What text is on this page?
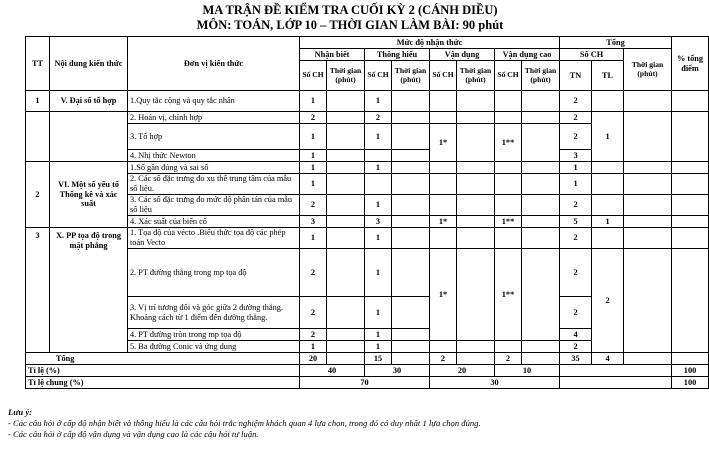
MA TRẬN ĐỀ KIỂM TRA CUỐI KỲ 2 (CÁNH DIỀU)
MÔN: TOÁN, LỚP 10 – THỜI GIAN LÀM BÀI: 90 phút
TT	Nội dung kiến thức	Đơn vị kiến thức	Mức độ nhận thức								Tổng			% tổng điểm
			Nhận biết		Thông hiểu		Vận dụng		Vận dụng cao		Số CH		Thời gian (phút)	
			Số CH	Thời gian (phút)	Số CH	Thời gian (phút)	Số CH	Thời gian (phút)	Số CH	Thời gian (phút)	TN	TL		
1	V. Đại số tổ hợp	1.Quy tắc cộng và quy tắc nhân	1		1						2			
		2. Hoán vị, chỉnh hợp	2		2						2	1		
		3. Tổ hợp	1		1		1*		1**		2			
		4. Nhị thức Newton	1								3			
2	VI. Một số yếu tố Thống kê và xác suất	1.Số gần đúng và sai số	1		1						1			
		2. Các số đặc trưng đo xu thế trung tâm của mẫu số liệu.	1								1			
		3. Các số đặc trưng đo mức độ phân tán của mẫu số liệu	2		1						2			
		4. Xác suất của biến cố	3		3		1*		1**		5	1		
3	X. PP tọa độ trong mặt phẳng	1. Tọa độ của vécto .Biểu thức tọa độ các phép toán Vecto	1		1						2			
		2. PT đường thẳng trong mp tọa độ	2		1		1*		1**		2	2		
		3. Vị trí tương đối và góc giữa 2 đường thẳng. Khoảng cách từ 1 điểm đến đường thẳng.	2		1						2			
		4. PT đường tròn trong mp tọa độ	2		1						4			
		5. Ba đường Conic và ứng dung	1		1						2			
Tổng			20		15		2		2		35	4		
Tỉ lệ (%)			40		30		20		10					100
Tỉ lệ chung (%)			70				30							100
Lưu ý:
- Các câu hỏi ở cấp độ nhận biết và thông hiểu là các câu hỏi trắc nghiệm khách quan 4 lựa chọn, trong đó có duy nhất 1 lựa chọn đúng.
- Các câu hỏi ở cấp độ vận dụng và vận dụng cao là các câu hỏi tự luận.
